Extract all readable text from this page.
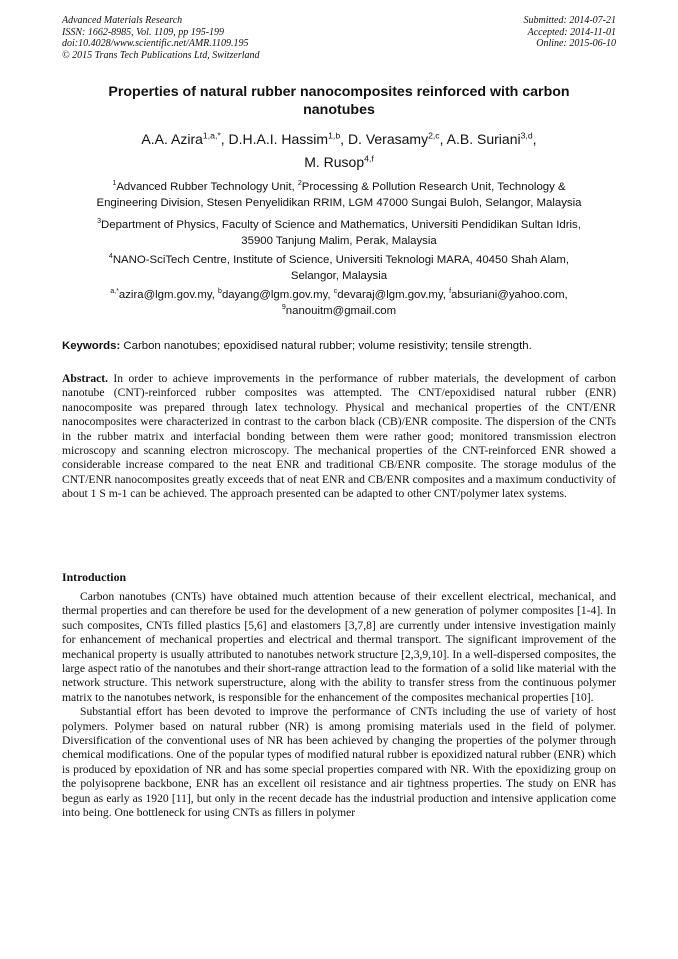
Advanced Materials Research
ISSN: 1662-8985, Vol. 1109, pp 195-199
doi:10.4028/www.scientific.net/AMR.1109.195
© 2015 Trans Tech Publications Ltd, Switzerland
Submitted: 2014-07-21
Accepted: 2014-11-01
Online: 2015-06-10
Properties of natural rubber nanocomposites reinforced with carbon
nanotubes
A.A. Azira$^{1,a,*}$, D.H.A.I. Hassim$^{1,b}$, D. Verasamy$^{2,c}$, A.B. Suriani$^{3,d}$,
M. Rusop$^{4,f}$
$^1$Advanced Rubber Technology Unit, $^2$Processing & Pollution Research Unit, Technology &
Engineering Division, Stesen Penyelidikan RRIM, LGM 47000 Sungai Buloh, Selangor, Malaysia
$^3$Department of Physics, Faculty of Science and Mathematics, Universiti Pendidikan Sultan Idris,
35900 Tanjung Malim, Perak, Malaysia
$^4$NANO-SciTech Centre, Institute of Science, Universiti Teknologi MARA, 40450 Shah Alam,
Selangor, Malaysia
$^{a,*}$azira@lgm.gov.my, $^b$dayang@lgm.gov.my, $^c$devaraj@lgm.gov.my, $^f$absuriani@yahoo.com,
$^9$nanouitm@gmail.com
Keywords: Carbon nanotubes; epoxidised natural rubber; volume resistivity; tensile strength.
Abstract. In order to achieve improvements in the performance of rubber materials, the development of carbon nanotube (CNT)-reinforced rubber composites was attempted. The CNT/epoxidised natural rubber (ENR) nanocomposite was prepared through latex technology. Physical and mechanical properties of the CNT/ENR nanocomposites were characterized in contrast to the carbon black (CB)/ENR composite. The dispersion of the CNTs in the rubber matrix and interfacial bonding between them were rather good; monitored transmission electron microscopy and scanning electron microscopy. The mechanical properties of the CNT-reinforced ENR showed a considerable increase compared to the neat ENR and traditional CB/ENR composite. The storage modulus of the CNT/ENR nanocomposites greatly exceeds that of neat ENR and CB/ENR composites and a maximum conductivity of about 1 S m-1 can be achieved. The approach presented can be adapted to other CNT/polymer latex systems.
Introduction

Carbon nanotubes (CNTs) have obtained much attention because of their excellent electrical, mechanical, and thermal properties and can therefore be used for the development of a new generation of polymer composites [1-4]. In such composites, CNTs filled plastics [5,6] and elastomers [3,7,8] are currently under intensive investigation mainly for enhancement of mechanical properties and electrical and thermal transport. The significant improvement of the mechanical property is usually attributed to nanotubes network structure [2,3,9,10]. In a well-dispersed composites, the large aspect ratio of the nanotubes and their short-range attraction lead to the formation of a solid like material with the network structure. This network superstructure, along with the ability to transfer stress from the continuous polymer matrix to the nanotubes network, is responsible for the enhancement of the composites mechanical properties [10].

Substantial effort has been devoted to improve the performance of CNTs including the use of variety of host polymers. Polymer based on natural rubber (NR) is among promising materials used in the field of polymer. Diversification of the conventional uses of NR has been achieved by changing the properties of the polymer through chemical modifications. One of the popular types of modified natural rubber is epoxidized natural rubber (ENR) which is produced by epoxidation of NR and has some special properties compared with NR. With the epoxidizing group on the polyisoprene backbone, ENR has an excellent oil resistance and air tightness properties. The study on ENR has begun as early as 1920 [11], but only in the recent decade has the industrial production and intensive application come into being. One bottleneck for using CNTs as fillers in polymer
